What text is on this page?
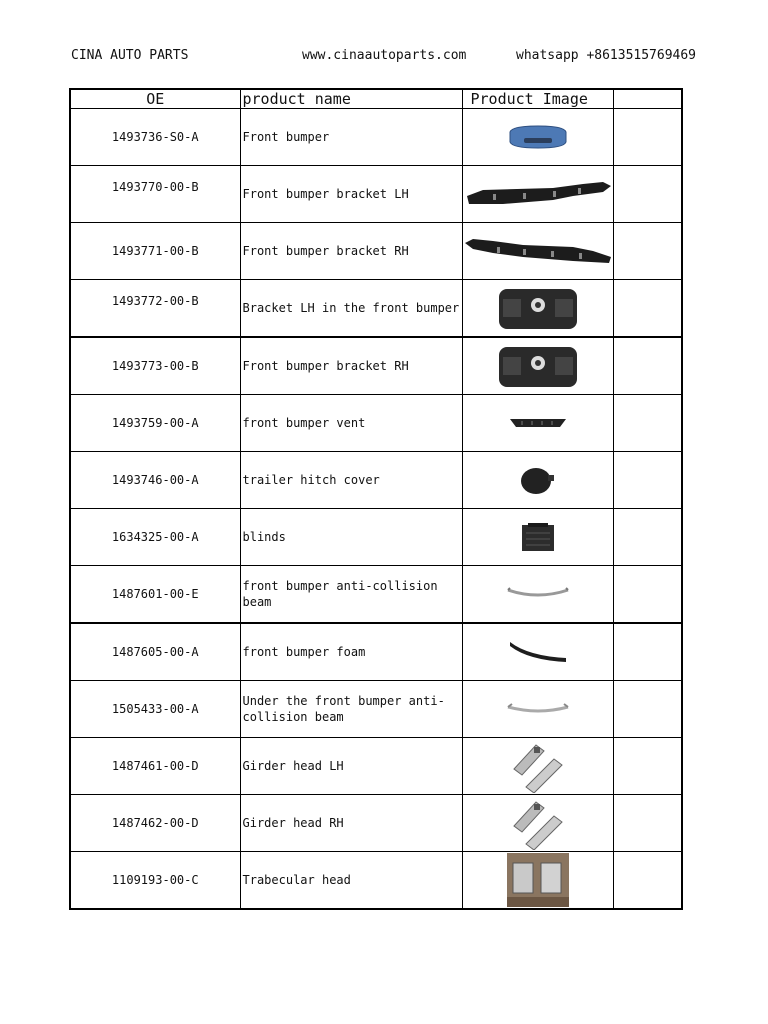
CINA AUTO PARTS	www.cinaautoparts.com	whatsapp +8613515769469
OE	product name	Product Image	
1493736-S0-A	Front bumper	

1493770-00-B	Front bumper bracket LH	

1493771-00-B	Front bumper bracket RH	

1493772-00-B	Bracket LH in the front bumper	

1493773-00-B	Front bumper bracket RH	

1493759-00-A	front bumper vent	

1493746-00-A	trailer hitch cover	

1634325-00-A	blinds	

1487601-00-E	front bumper anti-collision beam	

1487605-00-A	front bumper foam	

1505433-00-A	Under the front bumper anti-collision beam	

1487461-00-D	Girder head LH	

1487462-00-D	Girder head RH	

1109193-00-C	Trabecular head	
